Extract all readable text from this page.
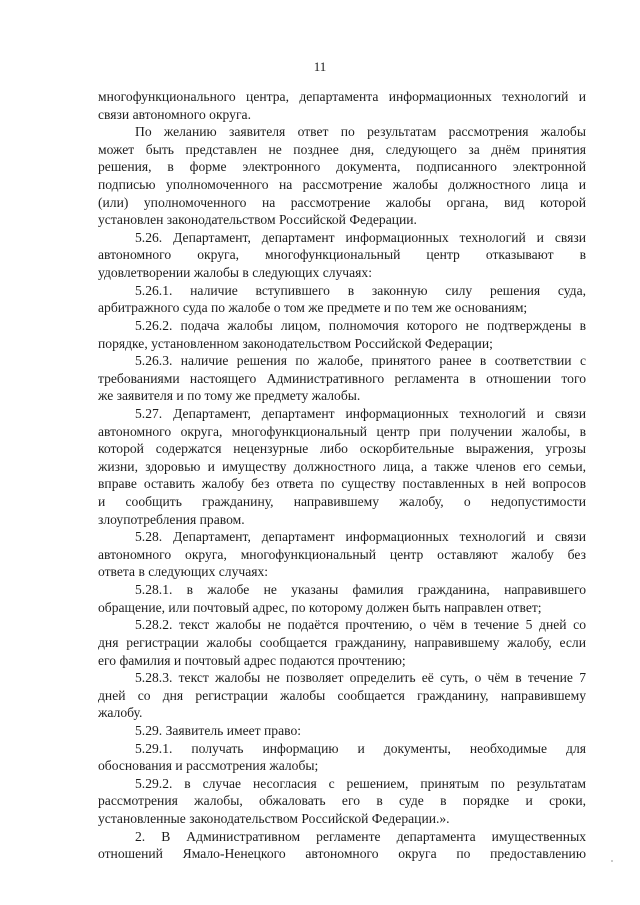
11
многофункционального центра, департамента информационных технологий и
связи автономного округа.
По желанию заявителя ответ по результатам рассмотрения жалобы
может быть представлен не позднее дня, следующего за днём принятия
решения, в форме электронного документа, подписанного электронной
подписью уполномоченного на рассмотрение жалобы должностного лица и
(или) уполномоченного на рассмотрение жалобы органа, вид которой
установлен законодательством Российской Федерации.
5.26. Департамент, департамент информационных технологий и связи
автономного округа, многофункциональный центр отказывают в
удовлетворении жалобы в следующих случаях:
5.26.1. наличие вступившего в законную силу решения суда,
арбитражного суда по жалобе о том же предмете и по тем же основаниям;
5.26.2. подача жалобы лицом, полномочия которого не подтверждены в
порядке, установленном законодательством Российской Федерации;
5.26.3. наличие решения по жалобе, принятого ранее в соответствии с
требованиями настоящего Административного регламента в отношении того
же заявителя и по тому же предмету жалобы.
5.27. Департамент, департамент информационных технологий и связи
автономного округа, многофункциональный центр при получении жалобы, в
которой содержатся нецензурные либо оскорбительные выражения, угрозы
жизни, здоровью и имуществу должностного лица, а также членов его семьи,
вправе оставить жалобу без ответа по существу поставленных в ней вопросов
и сообщить гражданину, направившему жалобу, о недопустимости
злоупотребления правом.
5.28. Департамент, департамент информационных технологий и связи
автономного округа, многофункциональный центр оставляют жалобу без
ответа в следующих случаях:
5.28.1. в жалобе не указаны фамилия гражданина, направившего
обращение, или почтовый адрес, по которому должен быть направлен ответ;
5.28.2. текст жалобы не подаётся прочтению, о чём в течение 5 дней со
дня регистрации жалобы сообщается гражданину, направившему жалобу, если
его фамилия и почтовый адрес подаются прочтению;
5.28.3. текст жалобы не позволяет определить её суть, о чём в течение 7
дней со дня регистрации жалобы сообщается гражданину, направившему
жалобу.
5.29. Заявитель имеет право:
5.29.1. получать информацию и документы, необходимые для
обоснования и рассмотрения жалобы;
5.29.2. в случае несогласия с решением, принятым по результатам
рассмотрения жалобы, обжаловать его в суде в порядке и сроки,
установленные законодательством Российской Федерации.».
2. В Административном регламенте департамента имущественных
отношений Ямало-Ненецкого автономного округа по предоставлению
